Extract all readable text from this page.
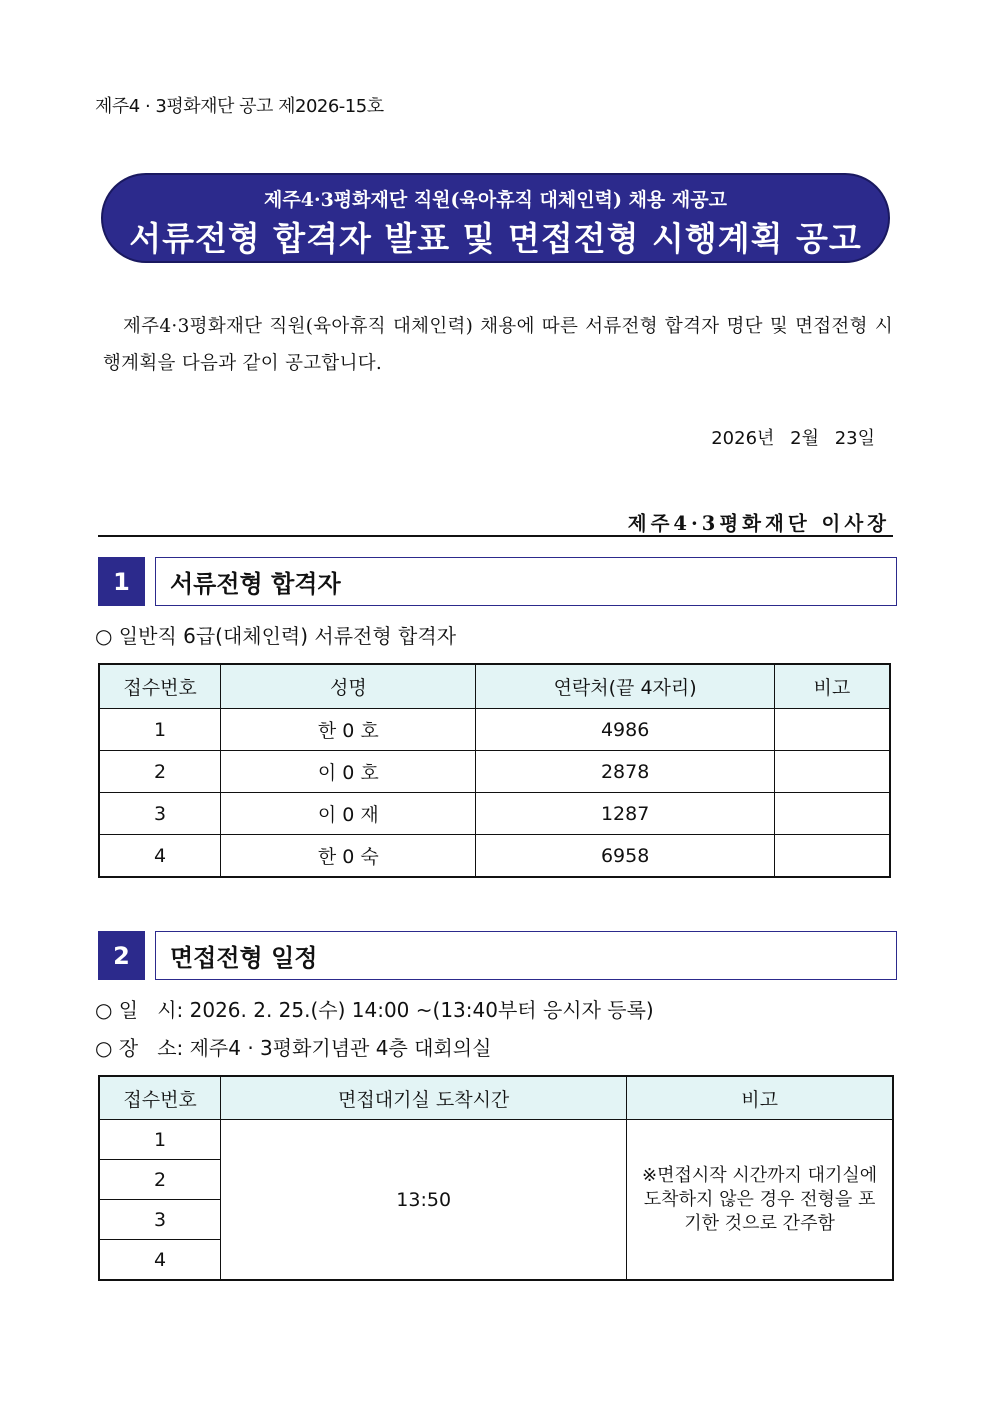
제주4 · 3평화재단 공고 제2026-15호
제주4·3평화재단 직원(육아휴직 대체인력) 채용 재공고
서류전형 합격자 발표 및 면접전형 시행계획 공고
제주4·3평화재단 직원(육아휴직 대체인력) 채용에 따른 서류전형 합격자 명단 및 면접전형 시행계획을 다음과 같이 공고합니다.
2026년 2월 23일
제주4·3평화재단 이사장
1	서류전형 합격자
○ 일반직 6급(대체인력) 서류전형 합격자
접수번호	성명	연락처(끝 4자리)	비고
1	한 0 호	4986	
2	이 0 호	2878	
3	이 0 재	1287	
4	한 0 숙	6958	
2	면접전형 일정
○ 일   시: 2026. 2. 25.(수) 14:00 ~(13:40부터 응시자 등록)
○ 장   소: 제주4 · 3평화기념관 4층 대회의실
접수번호	면접대기실 도착시간	비고
1	13:50	※면접시작 시간까지 대기실에 도착하지 않은 경우 전형을 포기한 것으로 간주함
2		
3		
4		
